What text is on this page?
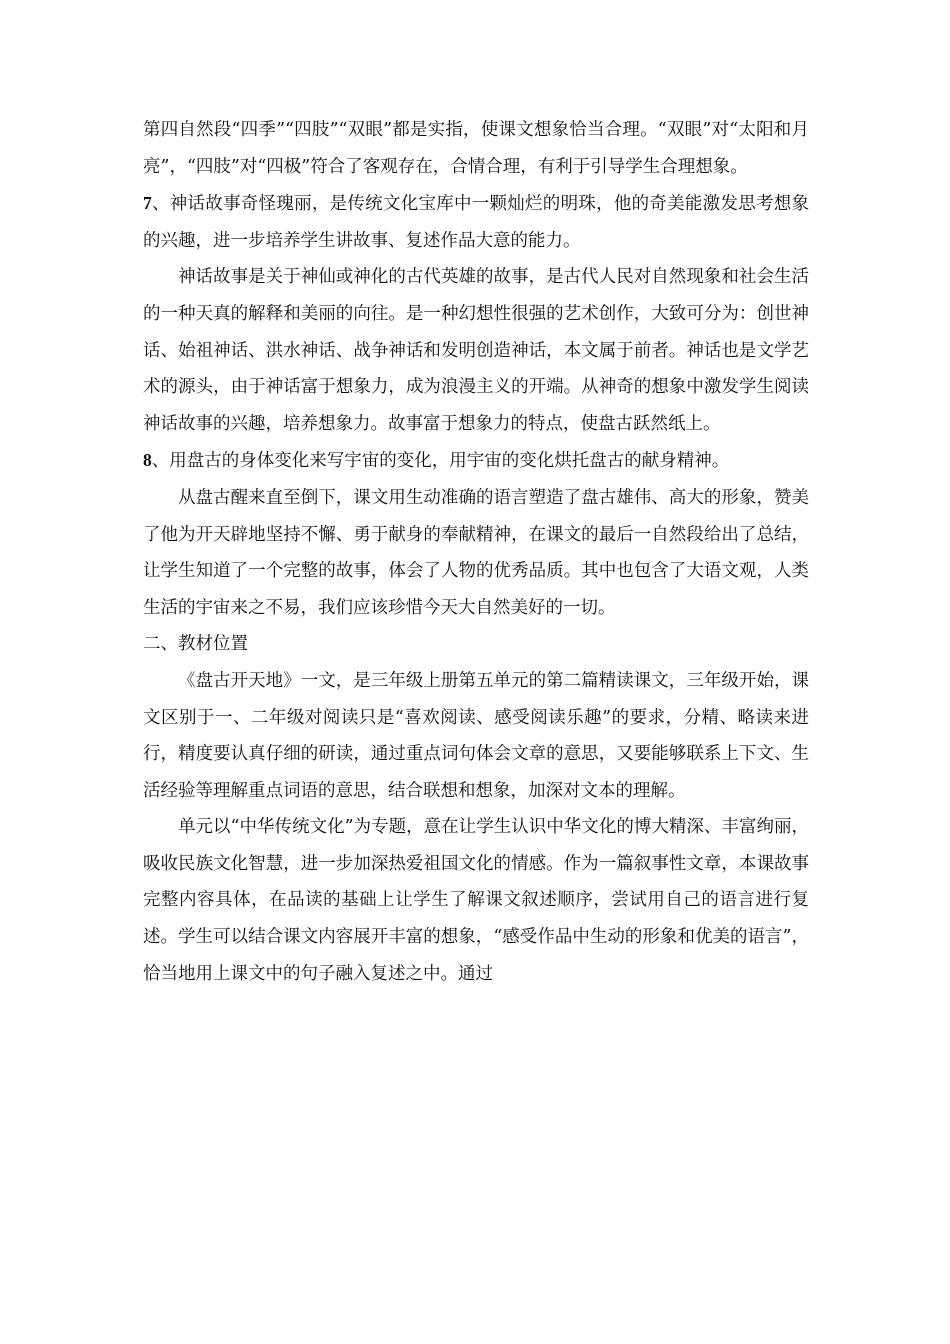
第四自然段“四季”“四肢”“双眼”都是实指，使课文想象恰当合理。“双眼”对“太阳和月亮”，“四肢”对“四极”符合了客观存在，合情合理，有利于引导学生合理想象。

7、神话故事奇怪瑰丽，是传统文化宝库中一颗灿烂的明珠，他的奇美能激发思考想象的兴趣，进一步培养学生讲故事、复述作品大意的能力。

神话故事是关于神仙或神化的古代英雄的故事，是古代人民对自然现象和社会生活的一种天真的解释和美丽的向往。是一种幻想性很强的艺术创作，大致可分为：创世神话、始祖神话、洪水神话、战争神话和发明创造神话，本文属于前者。神话也是文学艺术的源头，由于神话富于想象力，成为浪漫主义的开端。从神奇的想象中激发学生阅读神话故事的兴趣，培养想象力。故事富于想象力的特点，使盘古跃然纸上。

8、用盘古的身体变化来写宇宙的变化，用宇宙的变化烘托盘古的献身精神。

从盘古醒来直至倒下，课文用生动准确的语言塑造了盘古雄伟、高大的形象，赞美了他为开天辟地坚持不懈、勇于献身的奉献精神，在课文的最后一自然段给出了总结，让学生知道了一个完整的故事，体会了人物的优秀品质。其中也包含了大语文观，人类生活的宇宙来之不易，我们应该珍惜今天大自然美好的一切。

二、教材位置

《盘古开天地》一文，是三年级上册第五单元的第二篇精读课文，三年级开始，课文区别于一、二年级对阅读只是“喜欢阅读、感受阅读乐趣”的要求，分精、略读来进行，精度要认真仔细的研读，通过重点词句体会文章的意思，又要能够联系上下文、生活经验等理解重点词语的意思，结合联想和想象，加深对文本的理解。

单元以“中华传统文化”为专题，意在让学生认识中华文化的博大精深、丰富绚丽，吸收民族文化智慧，进一步加深热爱祖国文化的情感。作为一篇叙事性文章，本课故事完整内容具体，在品读的基础上让学生了解课文叙述顺序，尝试用自己的语言进行复述。学生可以结合课文内容展开丰富的想象，“感受作品中生动的形象和优美的语言”，恰当地用上课文中的句子融入复述之中。通过
